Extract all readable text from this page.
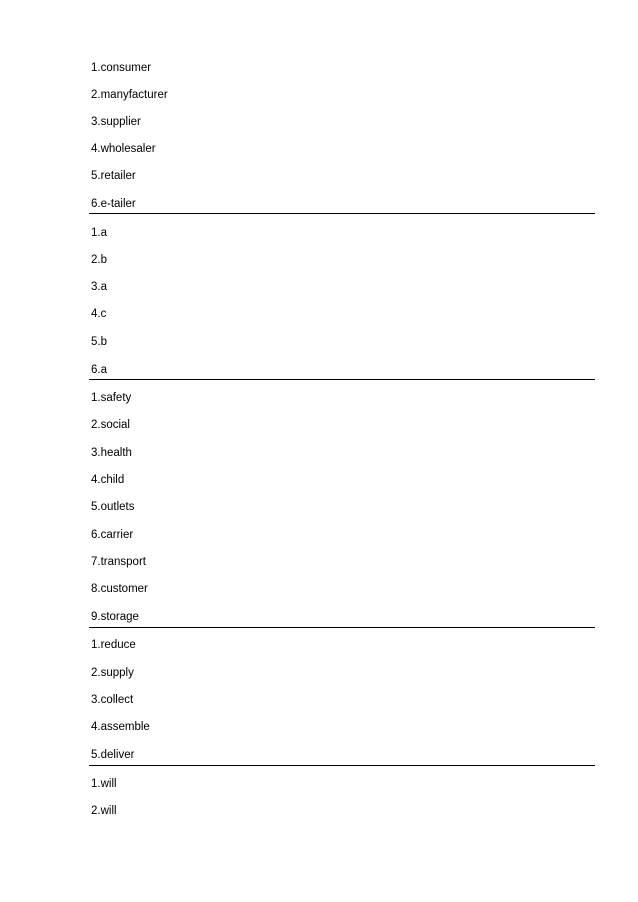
1.consumer
2.manyfacturer
3.supplier
4.wholesaler
5.retailer
6.e-tailer
1.a
2.b
3.a
4.c
5.b
6.a
1.safety
2.social
3.health
4.child
5.outlets
6.carrier
7.transport
8.customer
9.storage
1.reduce
2.supply
3.collect
4.assemble
5.deliver
1.will
2.will
